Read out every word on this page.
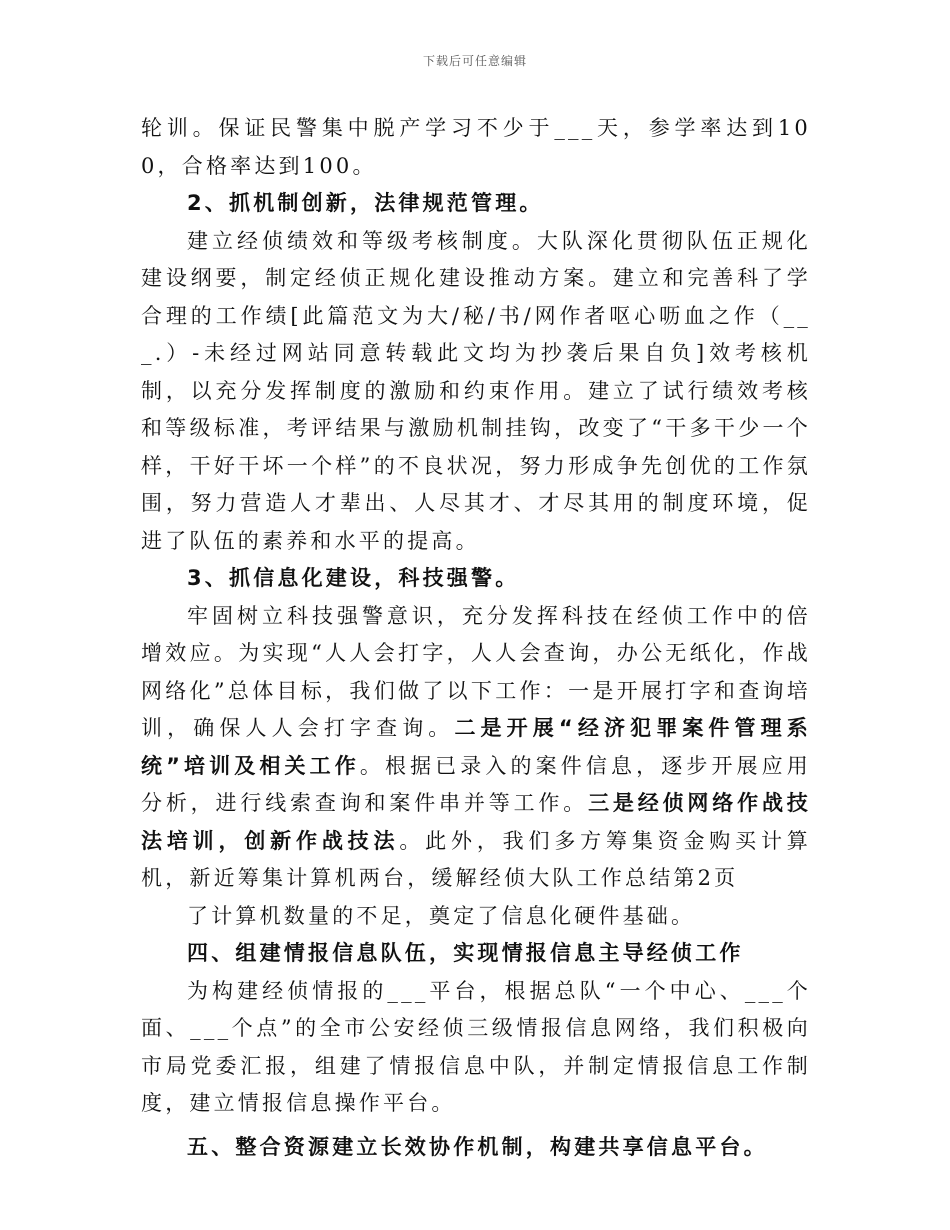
下载后可任意编辑

轮训。保证民警集中脱产学习不少于___天，参学率达到100，合格率达到100。

2、抓机制创新，法律规范管理。

建立经侦绩效和等级考核制度。大队深化贯彻队伍正规化建设纲要，制定经侦正规化建设推动方案。建立和完善科了学合理的工作绩[此篇范文为大/秘/书/网作者呕心呖血之作（___.）-未经过网站同意转载此文均为抄袭后果自负]效考核机制，以充分发挥制度的激励和约束作用。建立了试行绩效考核和等级标准，考评结果与激励机制挂钩，改变了“干多干少一个样，干好干坏一个样”的不良状况，努力形成争先创优的工作氛围，努力营造人才辈出、人尽其才、才尽其用的制度环境，促进了队伍的素养和水平的提高。

3、抓信息化建设，科技强警。

牢固树立科技强警意识，充分发挥科技在经侦工作中的倍增效应。为实现“人人会打字，人人会查询，办公无纸化，作战网络化”总体目标，我们做了以下工作：一是开展打字和查询培训，确保人人会打字查询。二是开展“经济犯罪案件管理系统”培训及相关工作。根据已录入的案件信息，逐步开展应用分析，进行线索查询和案件串并等工作。三是经侦网络作战技法培训，创新作战技法。此外，我们多方筹集资金购买计算机，新近筹集计算机两台，缓解经侦大队工作总结第2页

了计算机数量的不足，奠定了信息化硬件基础。

四、组建情报信息队伍，实现情报信息主导经侦工作

为构建经侦情报的___平台，根据总队“一个中心、___个面、___个点”的全市公安经侦三级情报信息网络，我们积极向市局党委汇报，组建了情报信息中队，并制定情报信息工作制度，建立情报信息操作平台。

五、整合资源建立长效协作机制，构建共享信息平台。
